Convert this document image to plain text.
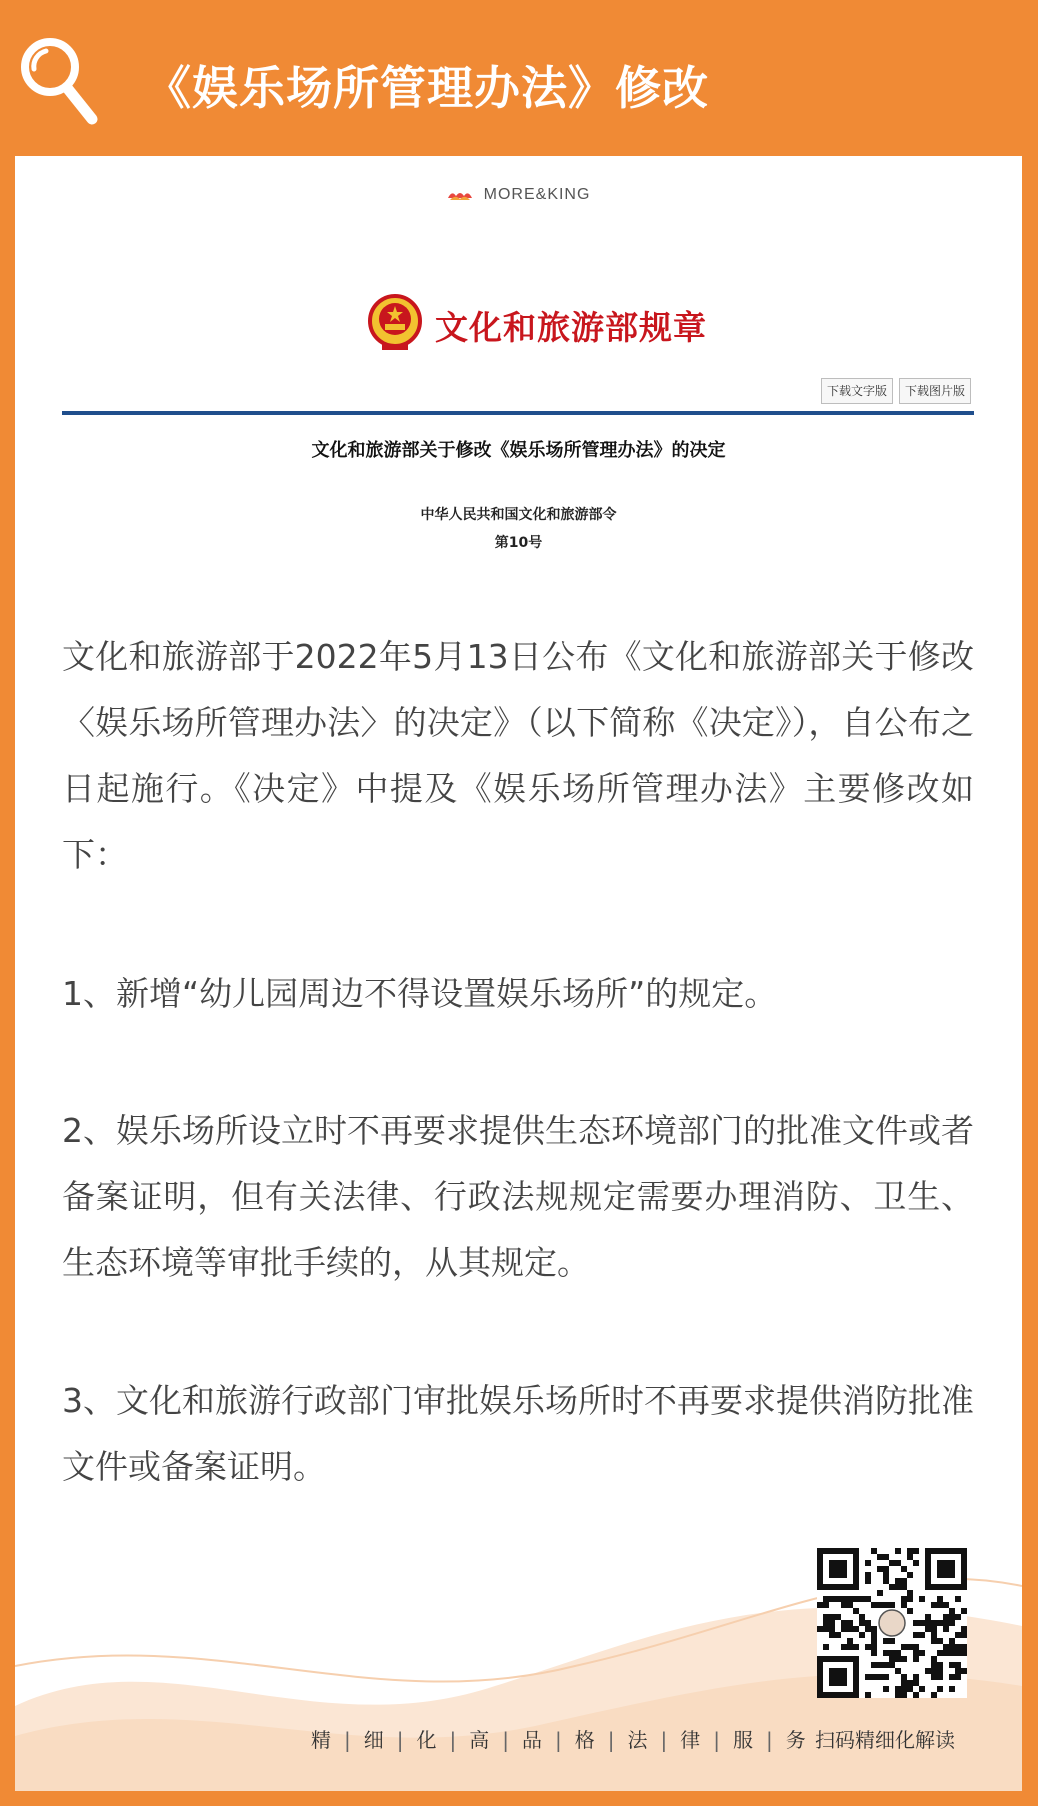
《娱乐场所管理办法》修改
MORE&KING
文化和旅游部规章
下载文字版	下载图片版
文化和旅游部关于修改《娱乐场所管理办法》的决定
中华人民共和国文化和旅游部令
第10号

文化和旅游部于2022年5月13日公布《文化和旅游部关于修改〈娱乐场所管理办法〉的决定》（以下简称《决定》），自公布之日起施行。《决定》中提及《娱乐场所管理办法》主要修改如下：

1、新增“幼儿园周边不得设置娱乐场所”的规定。

2、娱乐场所设立时不再要求提供生态环境部门的批准文件或者备案证明，但有关法律、行政法规规定需要办理消防、卫生、生态环境等审批手续的，从其规定。

3、文化和旅游行政部门审批娱乐场所时不再要求提供消防批准文件或备案证明。

精 | 细 | 化 | 高 | 品 | 格 | 法 | 律 | 服 | 务 扫码精细化解读
